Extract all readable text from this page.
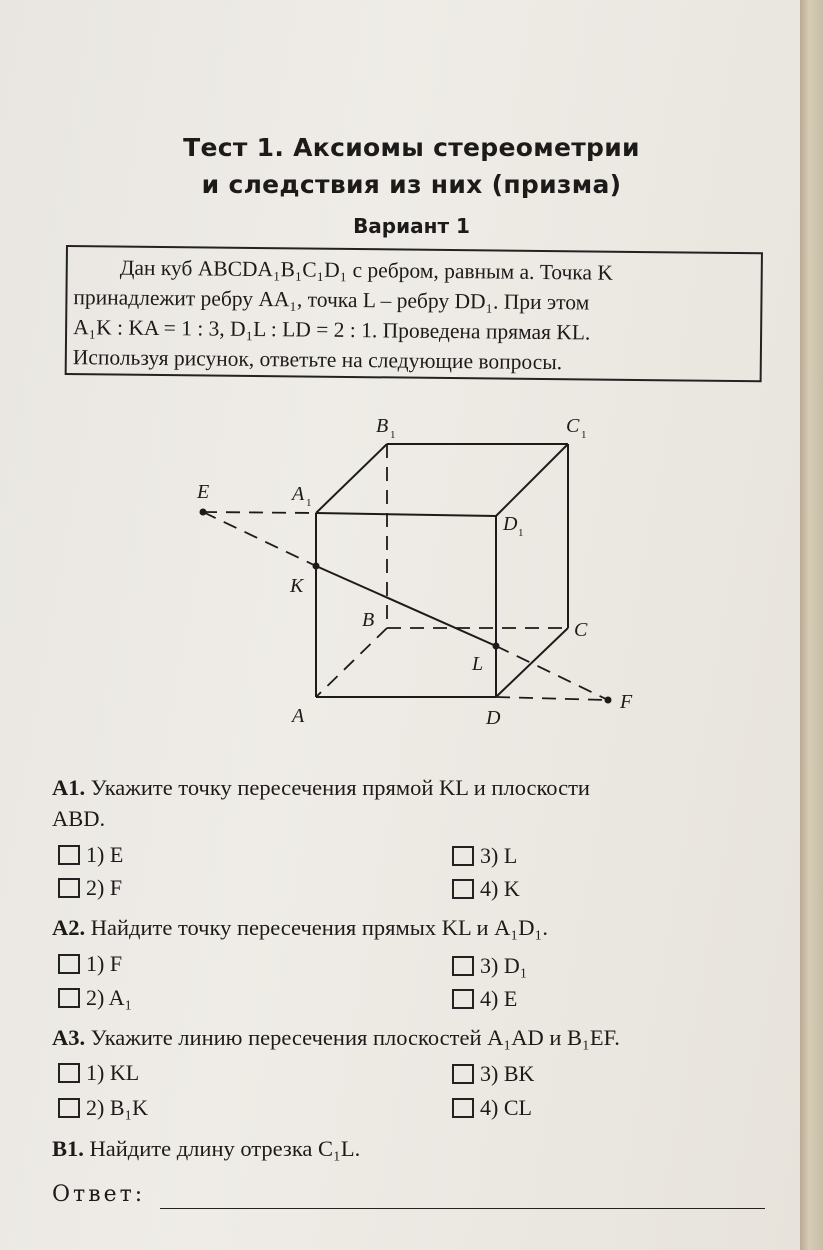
Тест 1. Аксиомы стереометрии
и следствия из них (призма)
Вариант 1
Дан куб ABCDA₁B₁C₁D₁ с ребром, равным a. Точка K
принадлежит ребру AA₁, точка L – ребру DD₁. При этом
A₁K : KA = 1 : 3, D₁L : LD = 2 : 1. Проведена прямая KL.
Используя рисунок, ответьте на следующие вопросы.
B 1	C 1
E	A 1
D 1
K
B	C
L
F
A	D
A1. Укажите точку пересечения прямой KL и плоскости
ABD.
1) E
2) F
3) L
4) K
A2. Найдите точку пересечения прямых KL и A₁D₁.
1) F
2) A₁
3) D₁
4) E
A3. Укажите линию пересечения плоскостей A₁AD и B₁EF.
1) KL
2) B₁K
3) BK
4) CL
B1. Найдите длину отрезка C₁L.
Ответ:
